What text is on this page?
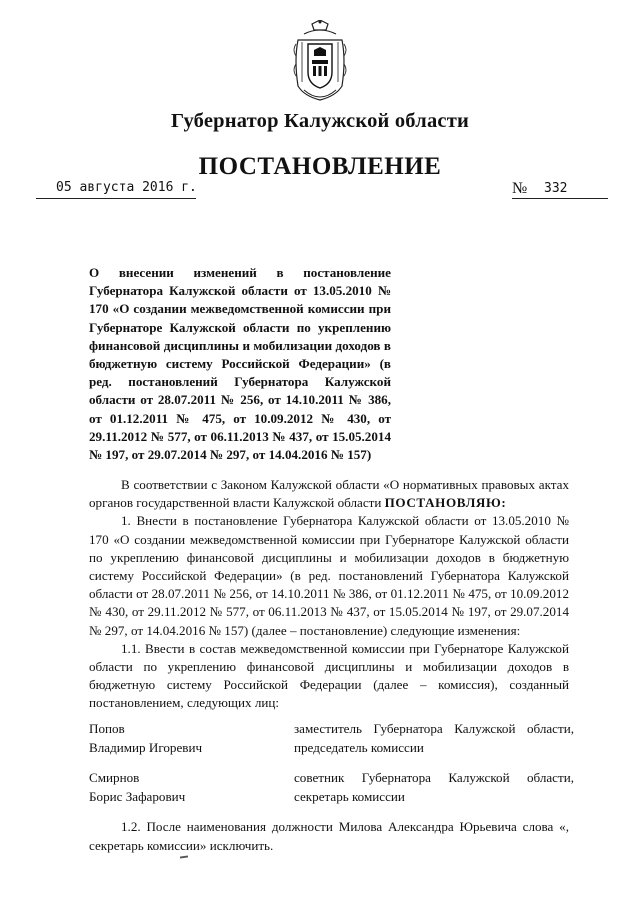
Губернатор Калужской области
ПОСТАНОВЛЕНИЕ
05 августа 2016 г.	№ 332
О внесении изменений в постановление Губернатора Калужской области от 13.05.2010 № 170 «О создании межведомственной комиссии при Губернаторе Калужской области по укреплению финансовой дисциплины и мобилизации доходов в бюджетную систему Российской Федерации» (в ред. постановлений Губернатора Калужской области от 28.07.2011 № 256, от 14.10.2011 № 386, от 01.12.2011 № 475, от 10.09.2012 № 430, от 29.11.2012 № 577, от 06.11.2013 № 437, от 15.05.2014 № 197, от 29.07.2014 № 297, от 14.04.2016 № 157)

В соответствии с Законом Калужской области «О нормативных правовых актах органов государственной власти Калужской области ПОСТАНОВЛЯЮ:

1. Внести в постановление Губернатора Калужской области от 13.05.2010 № 170 «О создании межведомственной комиссии при Губернаторе Калужской области по укреплению финансовой дисциплины и мобилизации доходов в бюджетную систему Российской Федерации» (в ред. постановлений Губернатора Калужской области от 28.07.2011 № 256, от 14.10.2011 № 386, от 01.12.2011 № 475, от 10.09.2012 № 430, от 29.11.2012 № 577, от 06.11.2013 № 437, от 15.05.2014 № 197, от 29.07.2014 № 297, от 14.04.2016 № 157) (далее – постановление) следующие изменения:

1.1. Ввести в состав межведомственной комиссии при Губернаторе Калужской области по укреплению финансовой дисциплины и мобилизации доходов в бюджетную систему Российской Федерации (далее – комиссия), созданный постановлением, следующих лиц:

Попов
Владимир Игоревич
заместитель Губернатора Калужской области, председатель комиссии
Смирнов
Борис Зафарович
советник Губернатора Калужской области, секретарь комиссии

1.2. После наименования должности Милова Александра Юрьевича слова «, секретарь комиссии» исключить.
